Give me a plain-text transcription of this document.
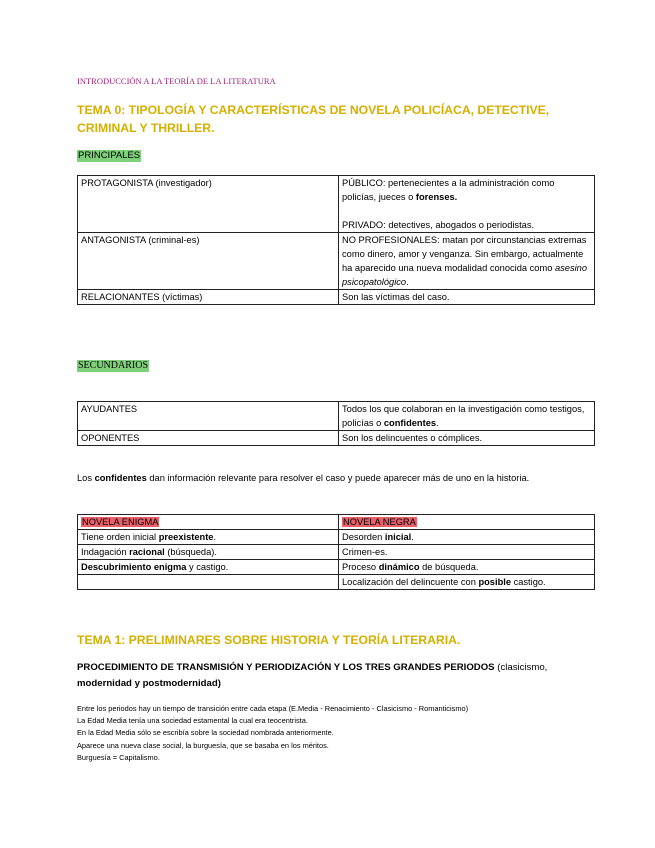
INTRODUCCIÓN A LA TEORÍA DE LA LITERATURA
TEMA 0: TIPOLOGÍA Y CARACTERÍSTICAS DE NOVELA POLICÍACA, DETECTIVE, CRIMINAL Y THRILLER.
PRINCIPALES
PROTAGONISTA (investigador)	PÚBLICO: pertenecientes a la administración como policías, jueces o forenses.
PRIVADO: detectives, abogados o periodistas.
ANTAGONISTA (criminal-es)	NO PROFESIONALES: matan por circunstancias extremas como dinero, amor y venganza. Sin embargo, actualmente ha aparecido una nueva modalidad conocida como asesino psicopatológico.
RELACIONANTES (víctimas)	Son las víctimas del caso.
SECUNDARIOS
AYUDANTES	Todos los que colaboran en la investigación como testigos, policías o confidentes.
OPONENTES	Son los delincuentes o cómplices.
Los confidentes dan información relevante para resolver el caso y puede aparecer más de uno en la historia.
NOVELA ENIGMA	NOVELA NEGRA
Tiene orden inicial preexistente.	Desorden inicial.
Indagación racional (búsqueda).	Crimen-es.
Descubrimiento enigma y castigo.	Proceso dinámico de búsqueda.
	Localización del delincuente con posible castigo.
TEMA 1: PRELIMINARES SOBRE HISTORIA Y TEORÍA LITERARIA.
PROCEDIMIENTO DE TRANSMISIÓN Y PERIODIZACIÓN Y LOS TRES GRANDES PERIODOS (clasicismo,
modernidad y postmodernidad)
Entre los periodos hay un tiempo de transición entre cada etapa (E.Media - Renacimiento - Clasicismo - Romanticismo)
La Edad Media tenía una sociedad estamental la cual era teocentrista.
En la Edad Media sólo se escribía sobre la sociedad nombrada anteriormente.
Aparece una nueva clase social, la burguesía, que se basaba en los méritos.
Burguesía = Capitalismo.
